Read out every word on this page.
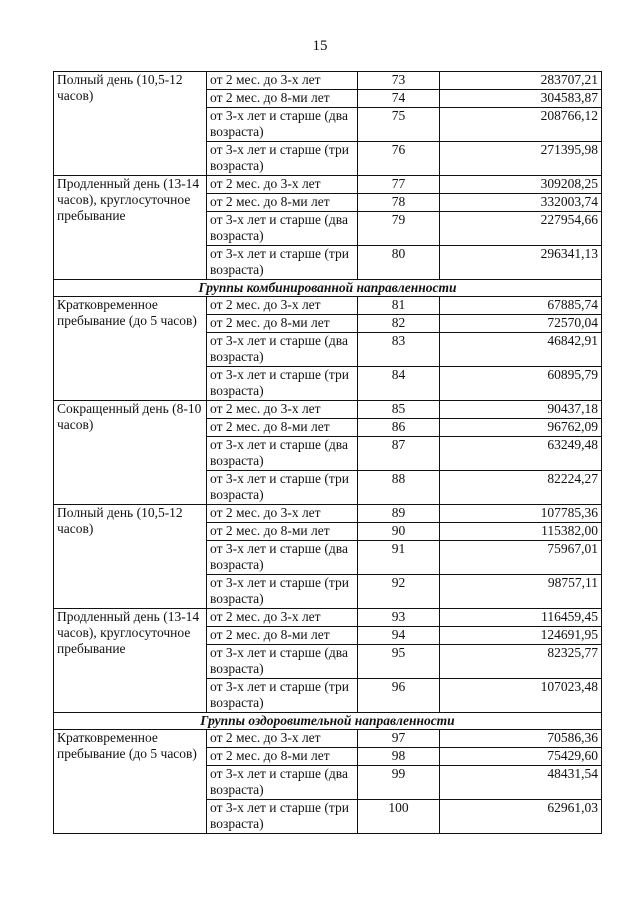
15
Полный день (10,5-12 часов)	от 2 мес. до 3-х лет	73	283707,21
	от 2 мес. до 8-ми лет	74	304583,87
	от 3-х лет и старше (два возраста)	75	208766,12
	от 3-х лет и старше (три возраста)	76	271395,98
Продленный день (13-14 часов), круглосуточное пребывание	от 2 мес. до 3-х лет	77	309208,25
	от 2 мес. до 8-ми лет	78	332003,74
	от 3-х лет и старше (два возраста)	79	227954,66
	от 3-х лет и старше (три возраста)	80	296341,13
Группы комбинированной направленности			
Кратковременное пребывание (до 5 часов)	от 2 мес. до 3-х лет	81	67885,74
	от 2 мес. до 8-ми лет	82	72570,04
	от 3-х лет и старше (два возраста)	83	46842,91
	от 3-х лет и старше (три возраста)	84	60895,79
Сокращенный день (8-10 часов)	от 2 мес. до 3-х лет	85	90437,18
	от 2 мес. до 8-ми лет	86	96762,09
	от 3-х лет и старше (два возраста)	87	63249,48
	от 3-х лет и старше (три возраста)	88	82224,27
Полный день (10,5-12 часов)	от 2 мес. до 3-х лет	89	107785,36
	от 2 мес. до 8-ми лет	90	115382,00
	от 3-х лет и старше (два возраста)	91	75967,01
	от 3-х лет и старше (три возраста)	92	98757,11
Продленный день (13-14 часов), круглосуточное пребывание	от 2 мес. до 3-х лет	93	116459,45
	от 2 мес. до 8-ми лет	94	124691,95
	от 3-х лет и старше (два возраста)	95	82325,77
	от 3-х лет и старше (три возраста)	96	107023,48
Группы оздоровительной направленности			
Кратковременное пребывание (до 5 часов)	от 2 мес. до 3-х лет	97	70586,36
	от 2 мес. до 8-ми лет	98	75429,60
	от 3-х лет и старше (два возраста)	99	48431,54
	от 3-х лет и старше (три возраста)	100	62961,03
